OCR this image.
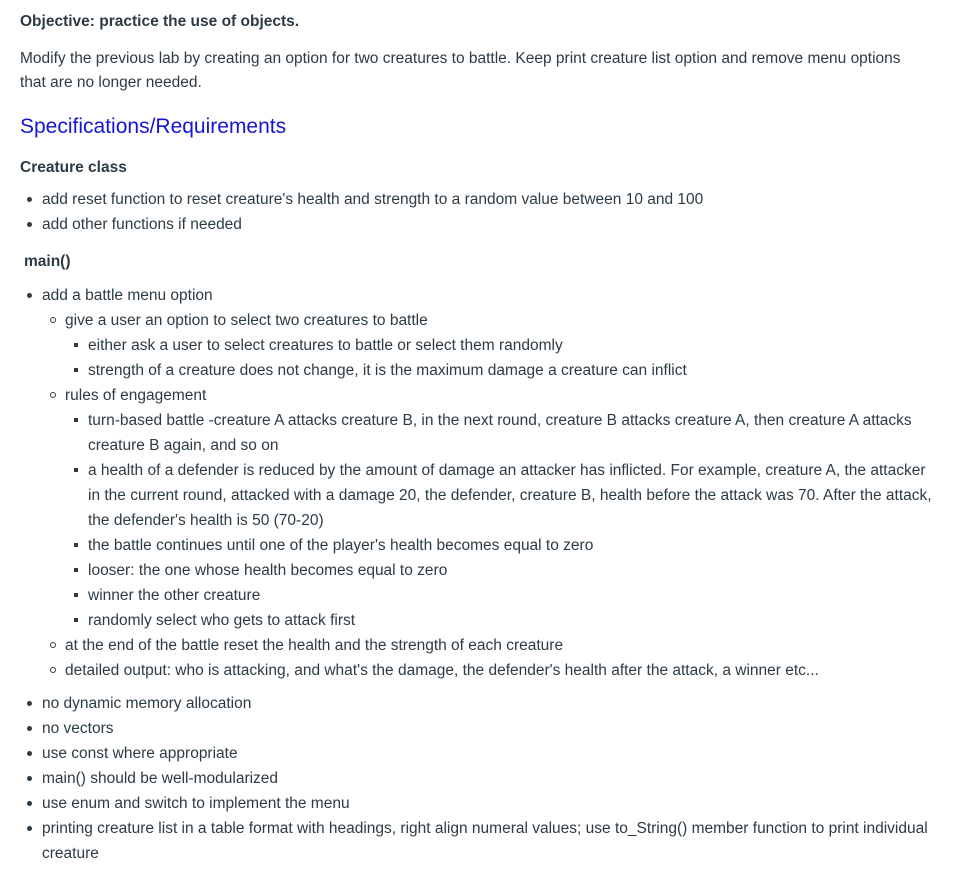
Objective: practice the use of objects.

Modify the previous lab by creating an option for two creatures to battle. Keep print creature list option and remove menu options that are no longer needed.

Specifications/Requirements
Creature class
add reset function to reset creature's health and strength to a random value between 10 and 100
add other functions if needed
main()
add a battle menu option
give a user an option to select two creatures to battle
either ask a user to select creatures to battle or select them randomly
strength of a creature does not change, it is the maximum damage a creature can inflict
rules of engagement
turn-based battle -creature A attacks creature B, in the next round, creature B attacks creature A, then creature A attacks creature B again, and so on
a health of a defender is reduced by the amount of damage an attacker has inflicted. For example, creature A, the attacker in the current round, attacked with a damage 20, the defender, creature B, health before the attack was 70. After the attack, the defender's health is 50 (70-20)
the battle continues until one of the player's health becomes equal to zero
looser: the one whose health becomes equal to zero
winner the other creature
randomly select who gets to attack first
at the end of the battle reset the health and the strength of each creature
detailed output: who is attacking, and what's the damage, the defender's health after the attack, a winner etc...
no dynamic memory allocation
no vectors
use const where appropriate
main() should be well-modularized
use enum and switch to implement the menu
printing creature list in a table format with headings, right align numeral values; use to_String() member function to print individual creature
